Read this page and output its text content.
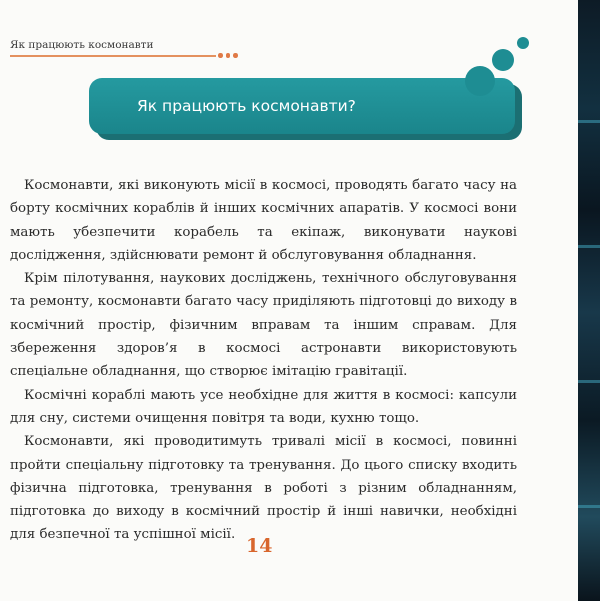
Як працюють космонавти
Як працюють космонавти?

Космонавти, які виконують місії в космосі, проводять багато часу на борту космічних кораблів й інших космічних апаратів. У космосі вони мають убезпечити корабель та екіпаж, виконувати наукові дослідження, здійснювати ремонт й обслуговування обладнання.

Крім пілотування, наукових досліджень, технічного обслуговування та ремонту, космонавти багато часу приділяють підготовці до виходу в космічний простір, фізичним вправам та іншим справам. Для збереження здоров’я в космосі астронавти використовують спеціальне обладнання, що створює імітацію гравітації.

Космічні кораблі мають усе необхідне для життя в космосі: капсули для сну, системи очищення повітря та води, кухню тощо.

Космонавти, які проводитимуть тривалі місії в космосі, повинні пройти спеціальну підготовку та тренування. До цього списку входить фізична підготовка, тренування в роботі з різним обладнанням, підготовка до виходу в космічний простір й інші навички, необхідні для безпечної та успішної місії.

14
